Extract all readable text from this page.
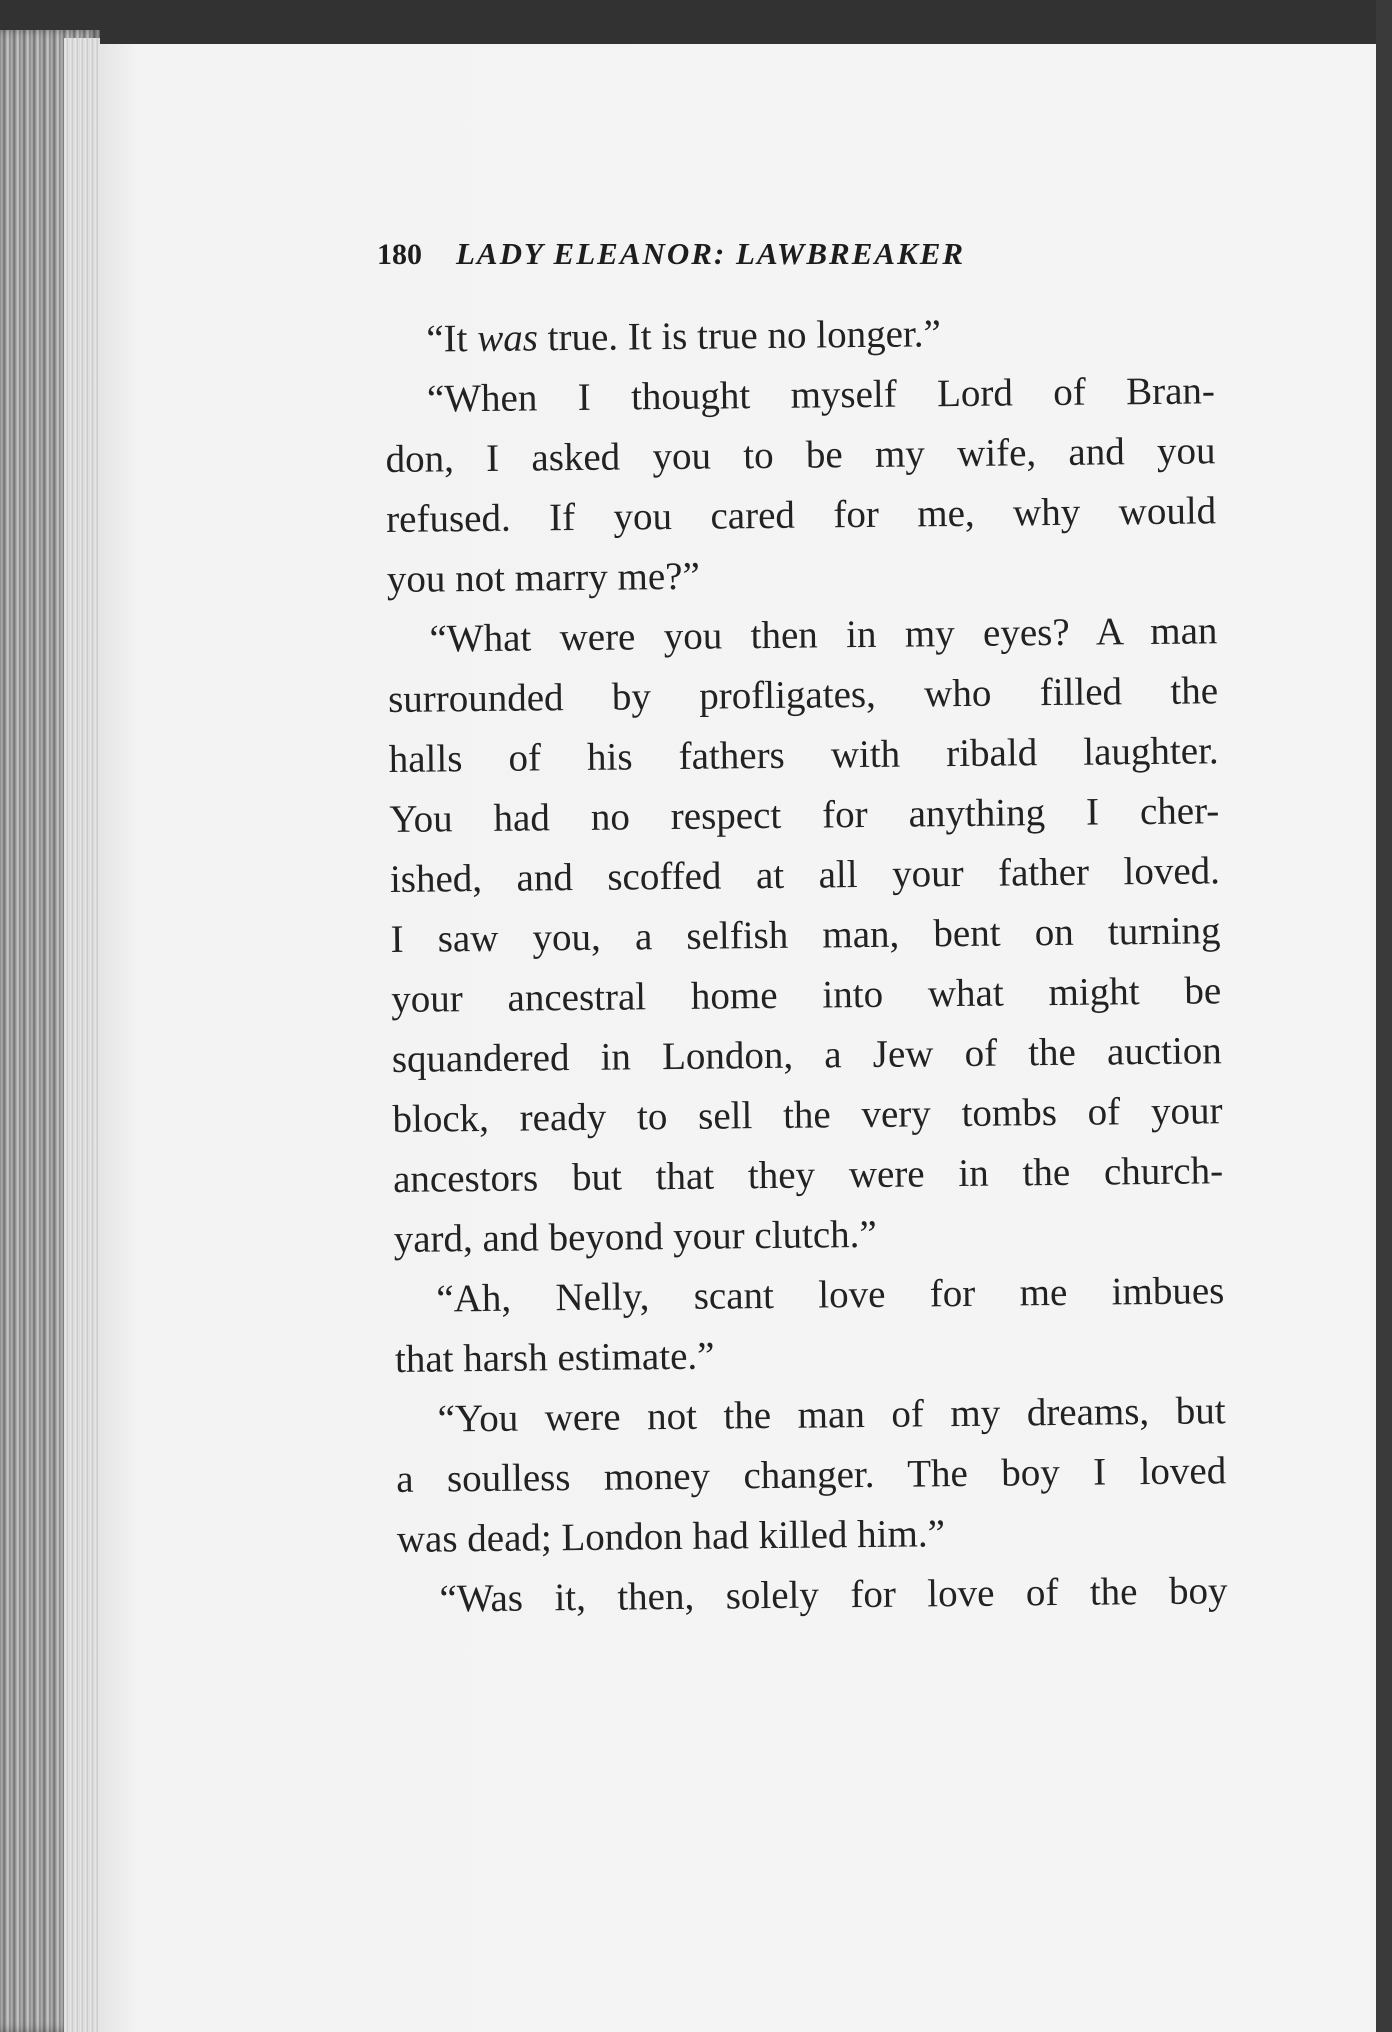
180 LADY ELEANOR: LAWBREAKER
“It was true. It is true no longer.”
“When I thought myself Lord of Bran-
don, I asked you to be my wife, and you
refused. If you cared for me, why would
you not marry me?”
“What were you then in my eyes? A man
surrounded by profligates, who filled the
halls of his fathers with ribald laughter.
You had no respect for anything I cher-
ished, and scoffed at all your father loved.
I saw you, a selfish man, bent on turning
your ancestral home into what might be
squandered in London, a Jew of the auction
block, ready to sell the very tombs of your
ancestors but that they were in the church-
yard, and beyond your clutch.”
“Ah, Nelly, scant love for me imbues
that harsh estimate.”
“You were not the man of my dreams, but
a soulless money changer. The boy I loved
was dead; London had killed him.”
“Was it, then, solely for love of the boy
